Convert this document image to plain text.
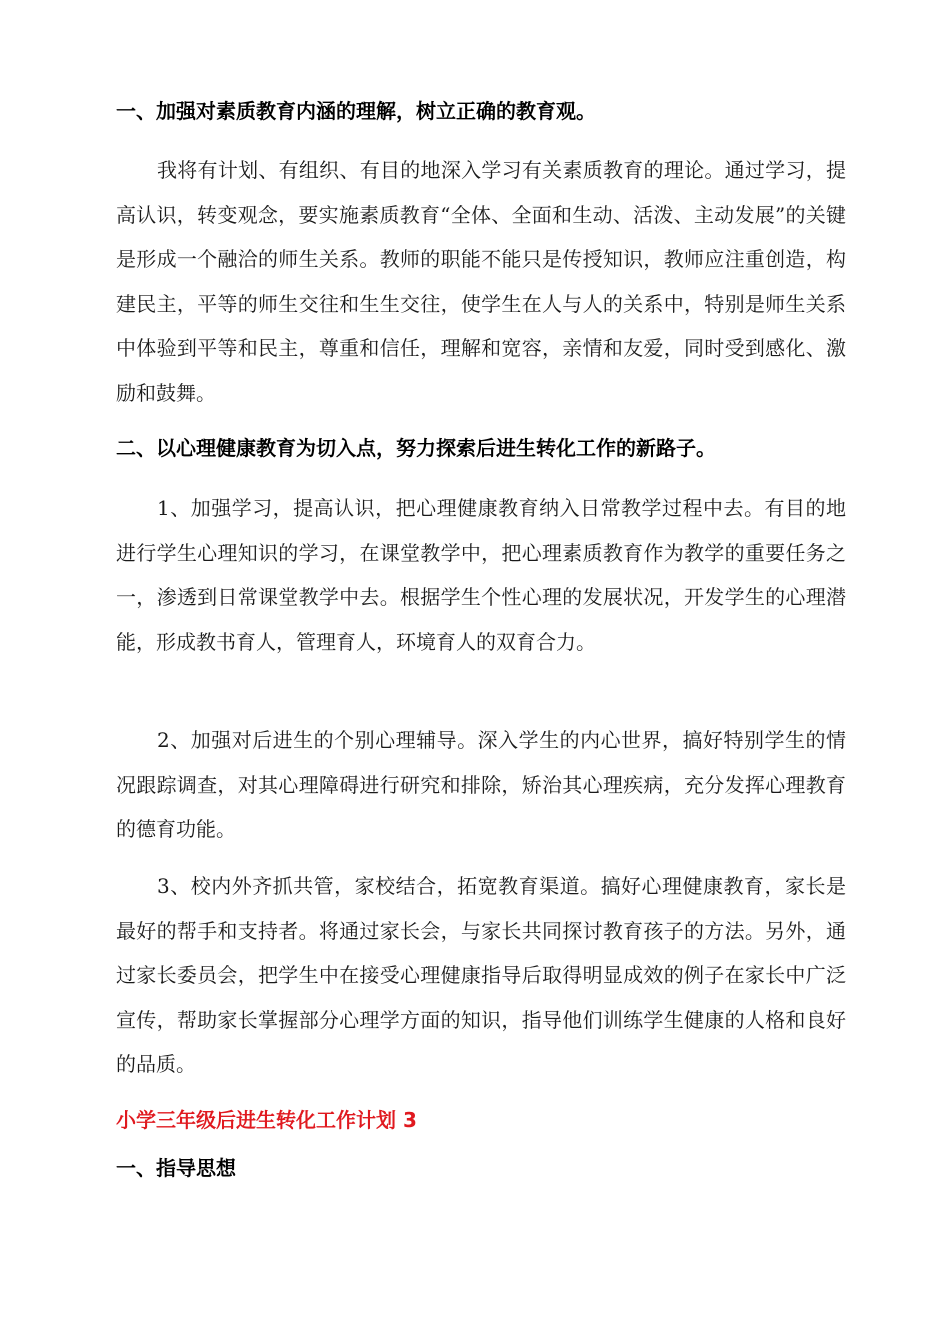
一、加强对素质教育内涵的理解，树立正确的教育观。

我将有计划、有组织、有目的地深入学习有关素质教育的理论。通过学习，提高认识，转变观念，要实施素质教育“全体、全面和生动、活泼、主动发展”的关键是形成一个融洽的师生关系。教师的职能不能只是传授知识，教师应注重创造，构建民主，平等的师生交往和生生交往，使学生在人与人的关系中，特别是师生关系中体验到平等和民主，尊重和信任，理解和宽容，亲情和友爱，同时受到感化、激励和鼓舞。

二、以心理健康教育为切入点，努力探索后进生转化工作的新路子。

1、加强学习，提高认识，把心理健康教育纳入日常教学过程中去。有目的地进行学生心理知识的学习，在课堂教学中，把心理素质教育作为教学的重要任务之一，渗透到日常课堂教学中去。根据学生个性心理的发展状况，开发学生的心理潜能，形成教书育人，管理育人，环境育人的双育合力。

2、加强对后进生的个别心理辅导。深入学生的内心世界，搞好特别学生的情况跟踪调查，对其心理障碍进行研究和排除，矫治其心理疾病，充分发挥心理教育的德育功能。

3、校内外齐抓共管，家校结合，拓宽教育渠道。搞好心理健康教育，家长是最好的帮手和支持者。将通过家长会，与家长共同探讨教育孩子的方法。另外，通过家长委员会，把学生中在接受心理健康指导后取得明显成效的例子在家长中广泛宣传，帮助家长掌握部分心理学方面的知识，指导他们训练学生健康的人格和良好的品质。

小学三年级后进生转化工作计划 3
一、指导思想
